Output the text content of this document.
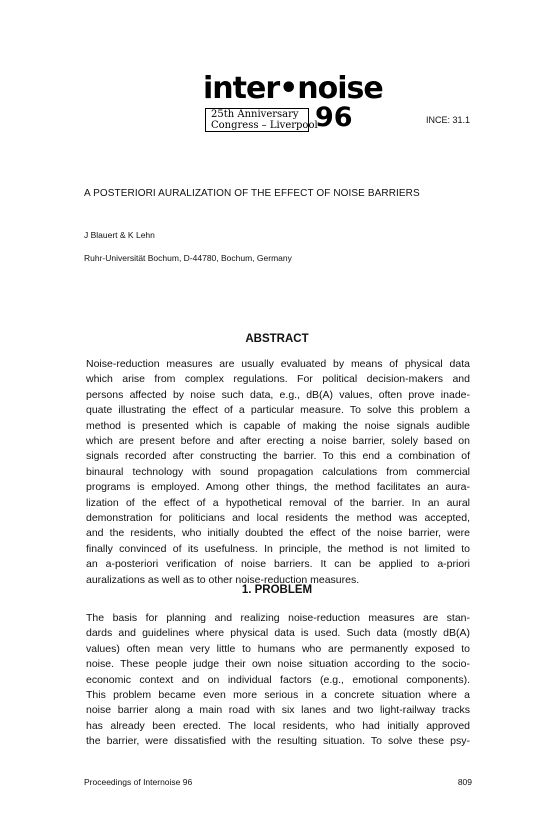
inter•noise
25th Anniversary
Congress – Liverpool
96	INCE: 31.1
A POSTERIORI AURALIZATION OF THE EFFECT OF NOISE BARRIERS
J Blauert & K Lehn
Ruhr-Universität Bochum, D-44780, Bochum, Germany
ABSTRACT
Noise-reduction measures are usually evaluated by means of physical data
which arise from complex regulations. For political decision-makers and
persons affected by noise such data, e.g., dB(A) values, often prove inade-
quate illustrating the effect of a particular measure. To solve this problem a
method is presented which is capable of making the noise signals audible
which are present before and after erecting a noise barrier, solely based on
signals recorded after constructing the barrier. To this end a combination of
binaural technology with sound propagation calculations from commercial
programs is employed. Among other things, the method facilitates an aura-
lization of the effect of a hypothetical removal of the barrier. In an aural
demonstration for politicians and local residents the method was accepted,
and the residents, who initially doubted the effect of the noise barrier, were
finally convinced of its usefulness. In principle, the method is not limited to
an a-posteriori verification of noise barriers. It can be applied to a-priori
auralizations as well as to other noise-reduction measures.
1. PROBLEM
The basis for planning and realizing noise-reduction measures are stan-
dards and guidelines where physical data is used. Such data (mostly dB(A)
values) often mean very little to humans who are permanently exposed to
noise. These people judge their own noise situation according to the socio-
economic context and on individual factors (e.g., emotional components).
This problem became even more serious in a concrete situation where a
noise barrier along a main road with six lanes and two light-railway tracks
has already been erected. The local residents, who had initially approved
the barrier, were dissatisfied with the resulting situation. To solve these psy-
Proceedings of Internoise 96	809
